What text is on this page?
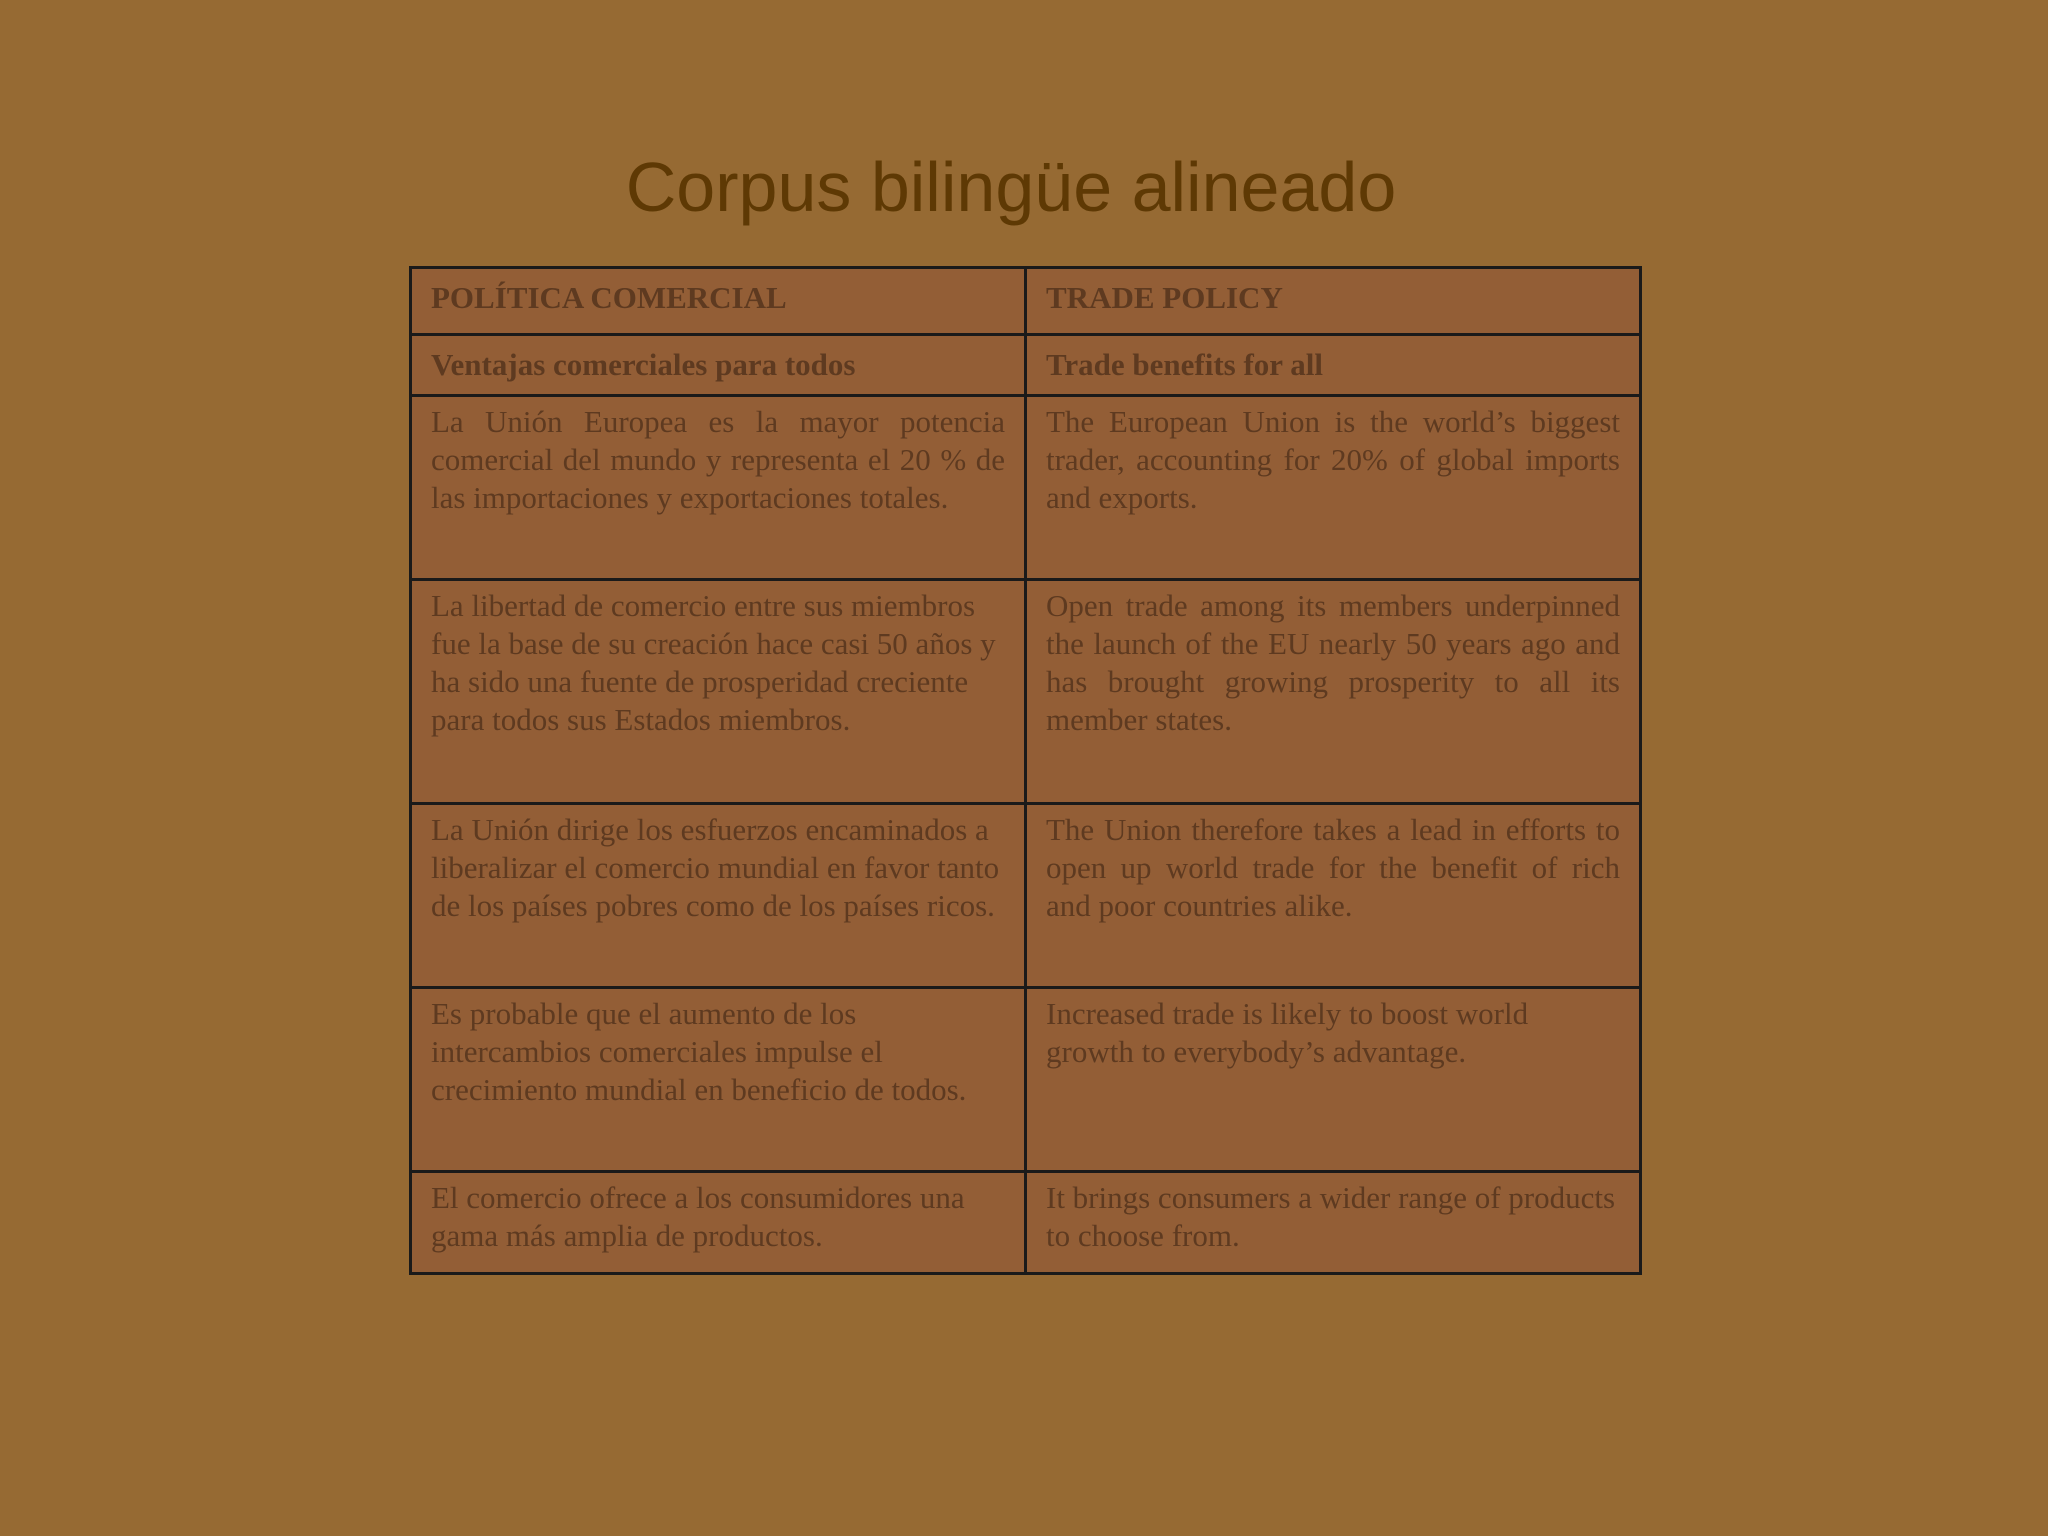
Corpus bilingüe alineado
POLÍTICA COMERCIAL	TRADE POLICY
Ventajas comerciales para todos	Trade benefits for all
La Unión Europea es la mayor potencia comercial del mundo y representa el 20 % de las importaciones y exportaciones totales.	The European Union is the world’s biggest trader, accounting for 20% of global imports and exports.
La libertad de comercio entre sus miembros fue la base de su creación hace casi 50 años y ha sido una fuente de prosperidad creciente para todos sus Estados miembros.	Open trade among its members underpinned the launch of the EU nearly 50 years ago and has brought growing prosperity to all its member states.
La Unión dirige los esfuerzos encaminados a liberalizar el comercio mundial en favor tanto de los países pobres como de los países ricos.	The Union therefore takes a lead in efforts to open up world trade for the benefit of rich and poor countries alike.
Es probable que el aumento de los intercambios comerciales impulse el crecimiento mundial en beneficio de todos.	Increased trade is likely to boost world growth to everybody’s advantage.
El comercio ofrece a los consumidores una gama más amplia de productos.	It brings consumers a wider range of products to choose from.
